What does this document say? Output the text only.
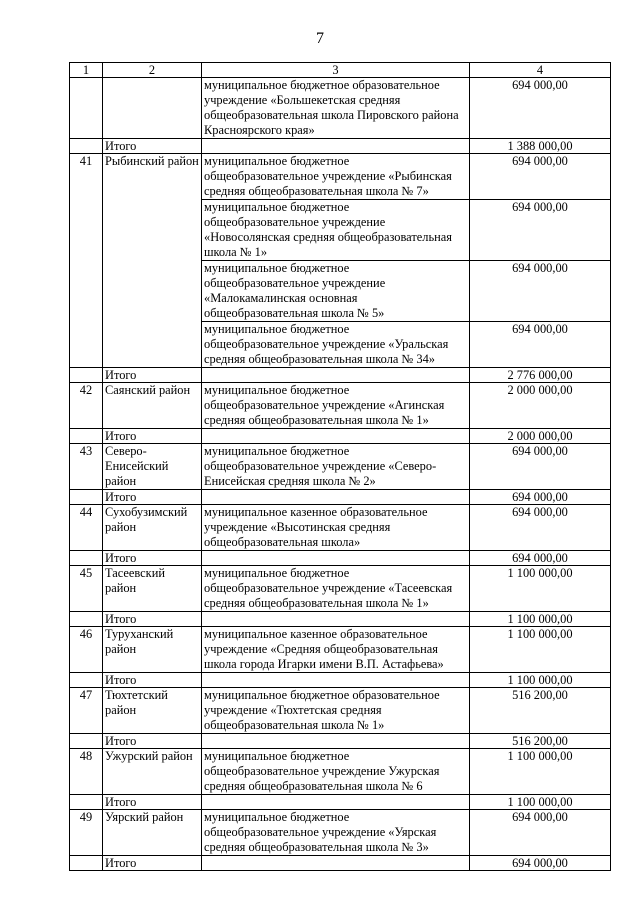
7
1	2	3	4
		муниципальное бюджетное образовательное учреждение «Большекетская средняя общеобразовательная школа Пировского района Красноярского края»	694 000,00
	Итого		1 388 000,00
41	Рыбинский район	муниципальное бюджетное общеобразовательное учреждение «Рыбинская средняя общеобразовательная школа № 7»	694 000,00
		муниципальное бюджетное общеобразовательное учреждение «Новосолянская средняя общеобразовательная школа № 1»	694 000,00
		муниципальное бюджетное общеобразовательное учреждение «Малокамалинская основная общеобразовательная школа № 5»	694 000,00
		муниципальное бюджетное общеобразовательное учреждение «Уральская средняя общеобразовательная школа № 34»	694 000,00
	Итого		2 776 000,00
42	Саянский район	муниципальное бюджетное общеобразовательное учреждение «Агинская средняя общеобразовательная школа № 1»	2 000 000,00
	Итого		2 000 000,00
43	Северо-Енисейский район	муниципальное бюджетное общеобразовательное учреждение «Северо-Енисейская средняя школа № 2»	694 000,00
	Итого		694 000,00
44	Сухобузимский район	муниципальное казенное образовательное учреждение «Высотинская средняя общеобразовательная школа»	694 000,00
	Итого		694 000,00
45	Тасеевский район	муниципальное бюджетное общеобразовательное учреждение «Тасеевская средняя общеобразовательная школа № 1»	1 100 000,00
	Итого		1 100 000,00
46	Туруханский район	муниципальное казенное образовательное учреждение «Средняя общеобразовательная школа города Игарки имени В.П. Астафьева»	1 100 000,00
	Итого		1 100 000,00
47	Тюхтетский район	муниципальное бюджетное образовательное учреждение «Тюхтетская средняя общеобразовательная школа № 1»	516 200,00
	Итого		516 200,00
48	Ужурский район	муниципальное бюджетное общеобразовательное учреждение Ужурская средняя общеобразовательная школа № 6	1 100 000,00
	Итого		1 100 000,00
49	Уярский район	муниципальное бюджетное общеобразовательное учреждение «Уярская средняя общеобразовательная школа № 3»	694 000,00
	Итого		694 000,00
